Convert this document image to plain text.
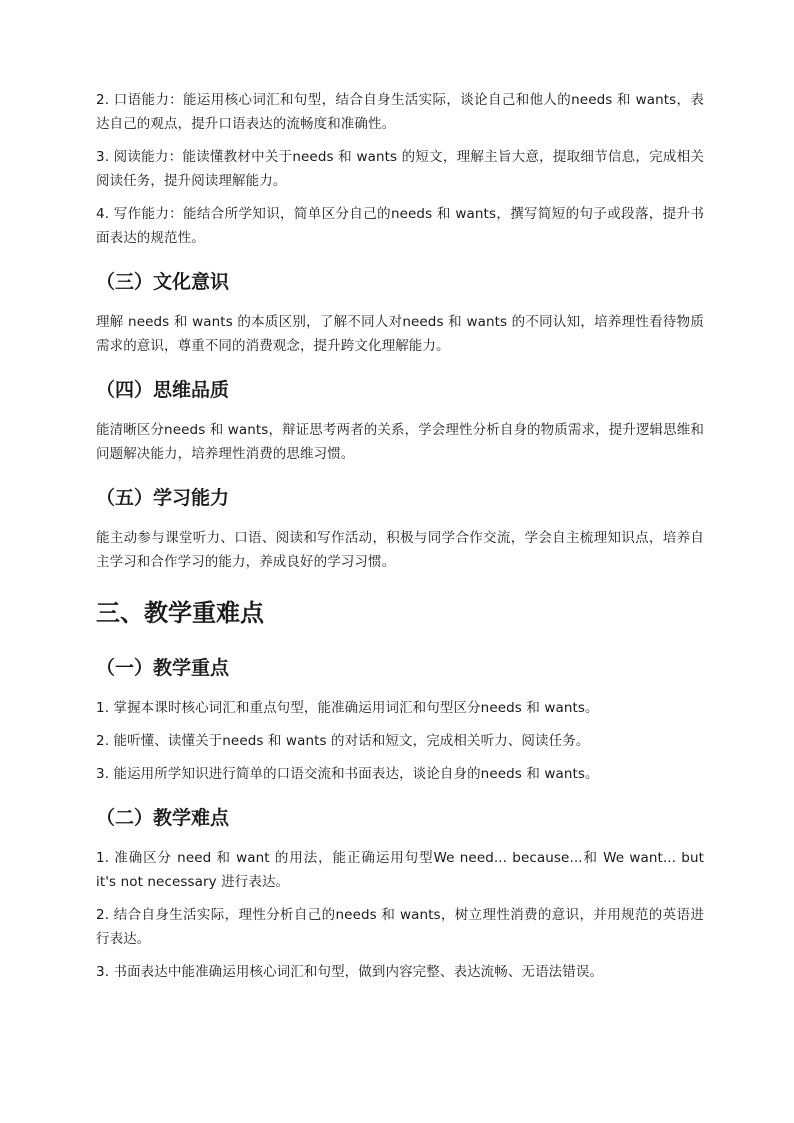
2. 口语能力：能运用核心词汇和句型，结合自身生活实际，谈论自己和他人的needs 和 wants，表达自己的观点，提升口语表达的流畅度和准确性。

3. 阅读能力：能读懂教材中关于needs 和 wants 的短文，理解主旨大意，提取细节信息，完成相关阅读任务，提升阅读理解能力。

4. 写作能力：能结合所学知识，简单区分自己的needs 和 wants，撰写简短的句子或段落，提升书面表达的规范性。

（三）文化意识

理解 needs 和 wants 的本质区别，了解不同人对needs 和 wants 的不同认知，培养理性看待物质需求的意识，尊重不同的消费观念，提升跨文化理解能力。

（四）思维品质

能清晰区分needs 和 wants，辩证思考两者的关系，学会理性分析自身的物质需求，提升逻辑思维和问题解决能力，培养理性消费的思维习惯。

（五）学习能力

能主动参与课堂听力、口语、阅读和写作活动，积极与同学合作交流，学会自主梳理知识点，培养自主学习和合作学习的能力，养成良好的学习习惯。

三、教学重难点
（一）教学重点

1. 掌握本课时核心词汇和重点句型，能准确运用词汇和句型区分needs 和 wants。

2. 能听懂、读懂关于needs 和 wants 的对话和短文，完成相关听力、阅读任务。

3. 能运用所学知识进行简单的口语交流和书面表达，谈论自身的needs 和 wants。

（二）教学难点

1. 准确区分 need 和 want 的用法，能正确运用句型We need... because...和 We want... but it's not necessary 进行表达。

2. 结合自身生活实际，理性分析自己的needs 和 wants，树立理性消费的意识，并用规范的英语进行表达。

3. 书面表达中能准确运用核心词汇和句型，做到内容完整、表达流畅、无语法错误。
